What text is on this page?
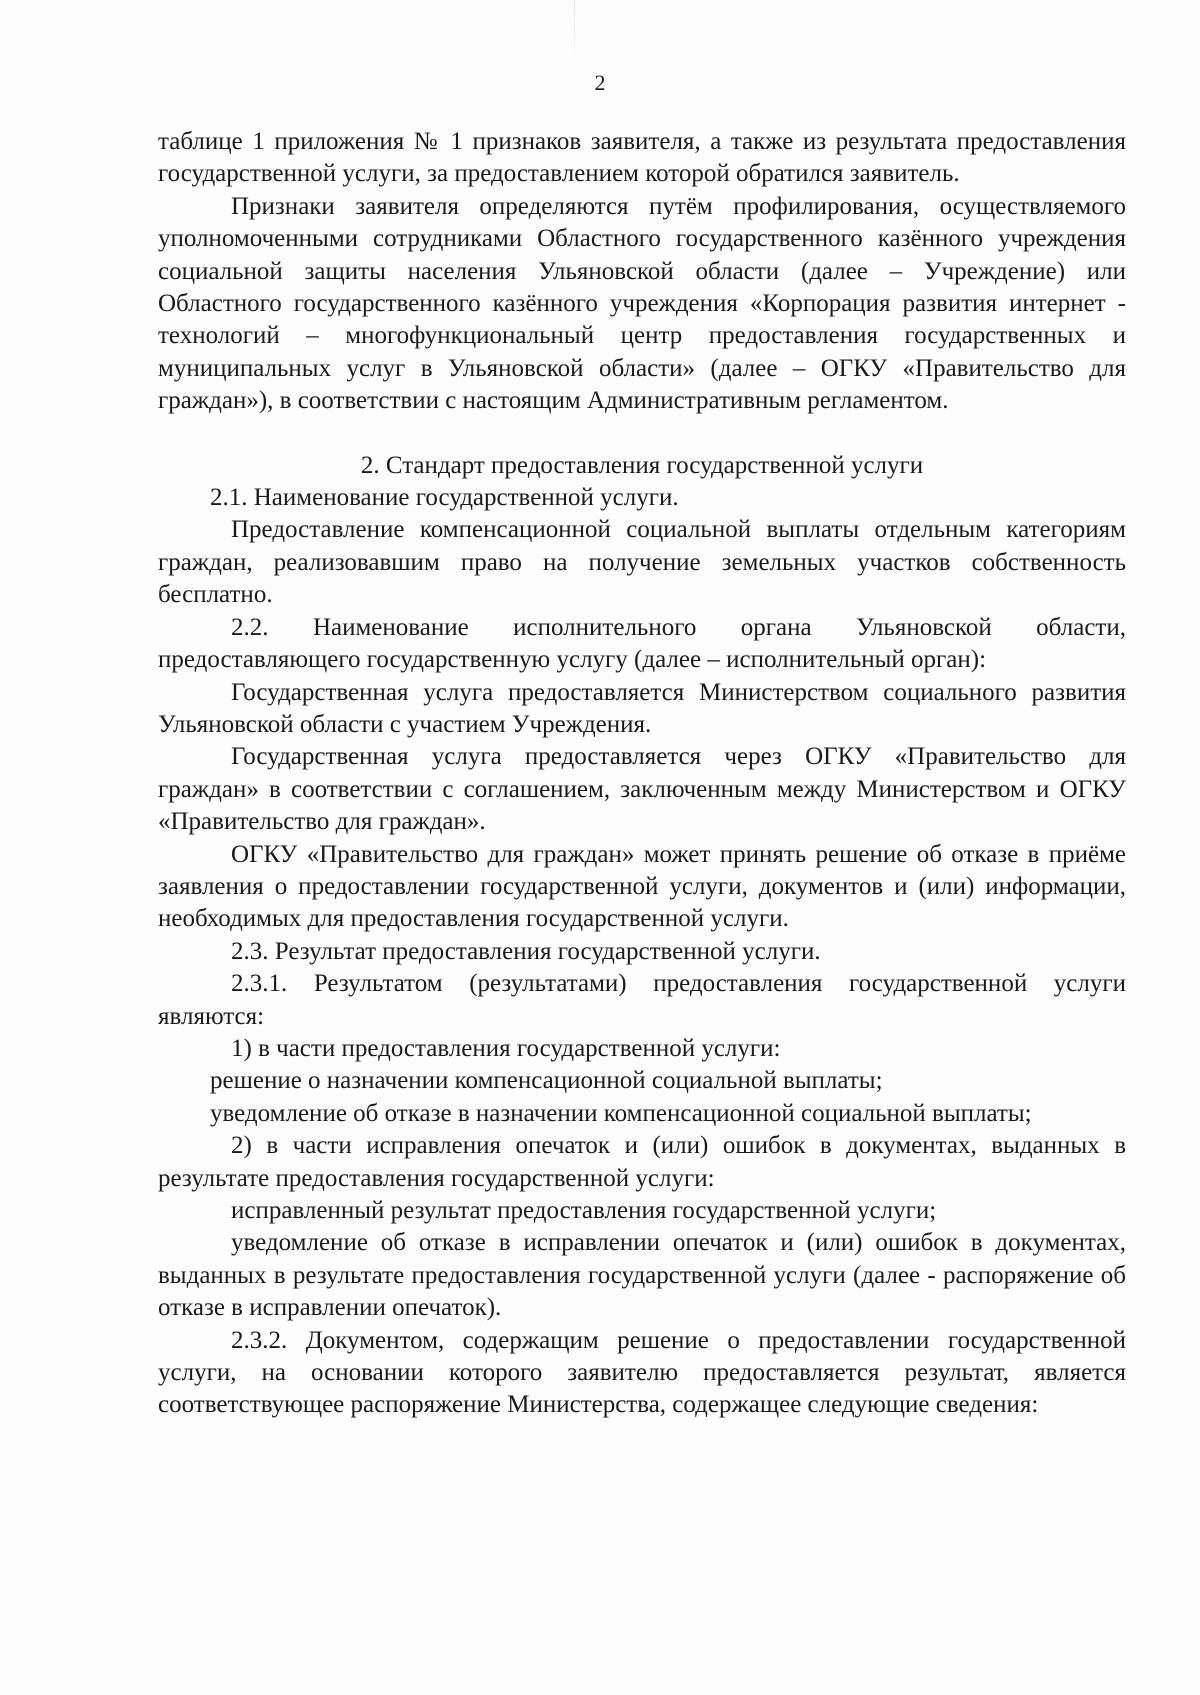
2

таблице 1 приложения № 1 признаков заявителя, а также из результата предоставления государственной услуги, за предоставлением которой обратился заявитель.

Признаки заявителя определяются путём профилирования, осуществляемого уполномоченными сотрудниками Областного государственного казённого учреждения социальной защиты населения Ульяновской области (далее – Учреждение) или Областного государственного казённого учреждения «Корпорация развития интернет - технологий – многофункциональный центр предоставления государственных и муниципальных услуг в Ульяновской области» (далее – ОГКУ «Правительство для граждан»), в соответствии с настоящим Административным регламентом.

2. Стандарт предоставления государственной услуги

2.1. Наименование государственной услуги.

Предоставление компенсационной социальной выплаты отдельным категориям граждан, реализовавшим право на получение земельных участков собственность бесплатно.

2.2. Наименование исполнительного органа Ульяновской области, предоставляющего государственную услугу (далее – исполнительный орган):

Государственная услуга предоставляется Министерством социального развития Ульяновской области с участием Учреждения.

Государственная услуга предоставляется через ОГКУ «Правительство для граждан» в соответствии с соглашением, заключенным между Министерством и ОГКУ «Правительство для граждан».

ОГКУ «Правительство для граждан» может принять решение об отказе в приёме заявления о предоставлении государственной услуги, документов и (или) информации, необходимых для предоставления государственной услуги.

2.3. Результат предоставления государственной услуги.

2.3.1. Результатом (результатами) предоставления государственной услуги являются:

1) в части предоставления государственной услуги:

решение о назначении компенсационной социальной выплаты;

уведомление об отказе в назначении компенсационной социальной выплаты;

2) в части исправления опечаток и (или) ошибок в документах, выданных в результате предоставления государственной услуги:

исправленный результат предоставления государственной услуги;

уведомление об отказе в исправлении опечаток и (или) ошибок в документах, выданных в результате предоставления государственной услуги (далее - распоряжение об отказе в исправлении опечаток).

2.3.2. Документом, содержащим решение о предоставлении государственной услуги, на основании которого заявителю предоставляется результат, является соответствующее распоряжение Министерства, содержащее следующие сведения:
